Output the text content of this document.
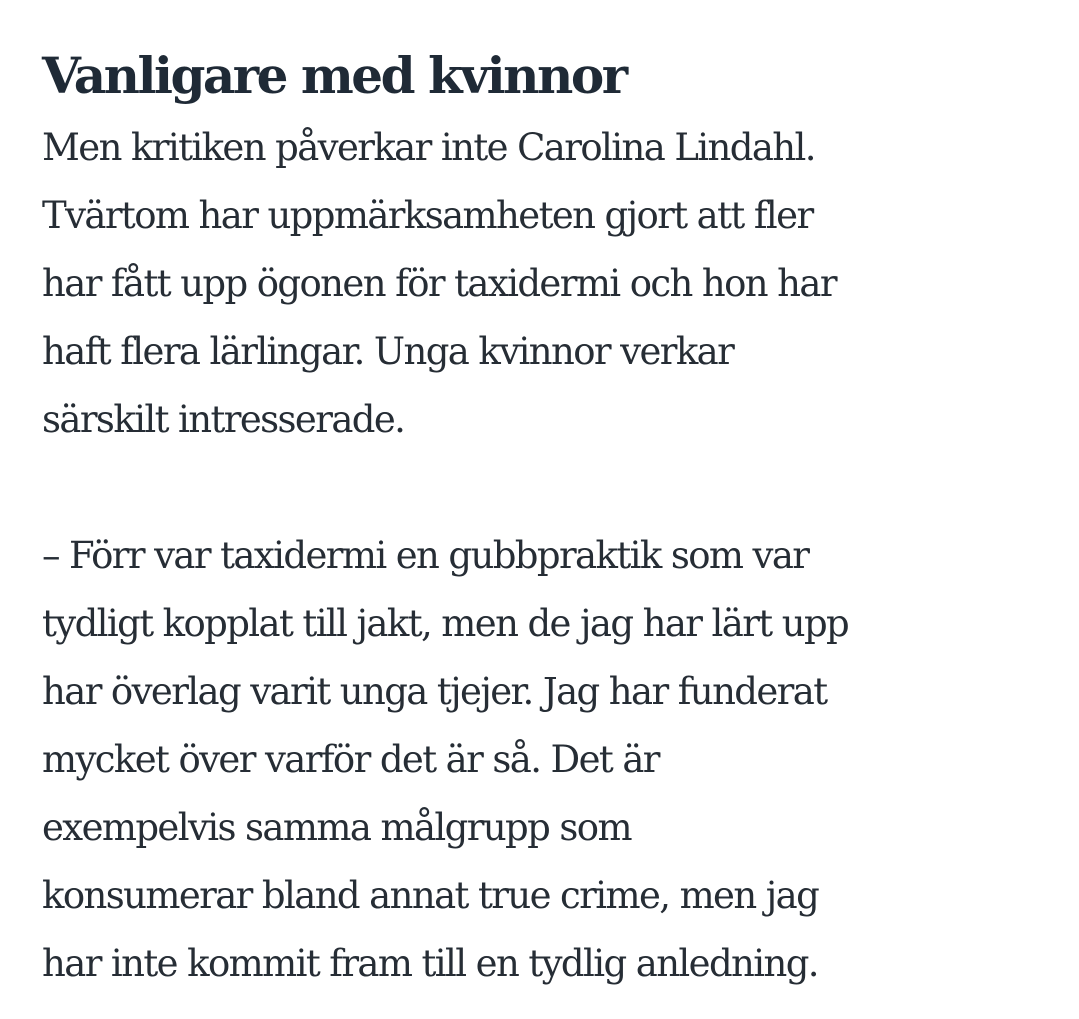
Vanligare med kvinnor

Men kritiken påverkar inte Carolina Lindahl.
Tvärtom har uppmärksamheten gjort att fler
har fått upp ögonen för taxidermi och hon har
haft flera lärlingar. Unga kvinnor verkar
särskilt intresserade.

– Förr var taxidermi en gubbpraktik som var
tydligt kopplat till jakt, men de jag har lärt upp
har överlag varit unga tjejer. Jag har funderat
mycket över varför det är så. Det är
exempelvis samma målgrupp som
konsumerar bland annat true crime, men jag
har inte kommit fram till en tydlig anledning.
